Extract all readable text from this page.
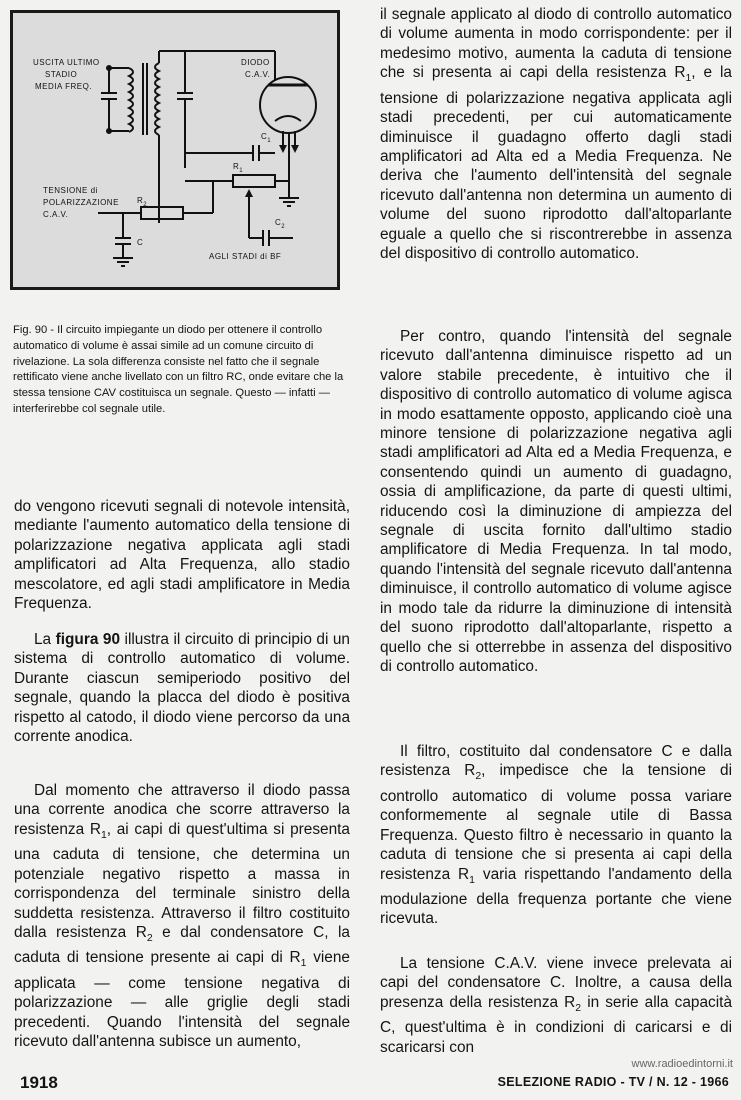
USCITA ULTIMO
STADIO
MEDIA FREQ.
DIODO
C.A.V.
TENSIONE di
POLARIZZAZIONE
C.A.V.
$C_1$
$R_1$
$R_2$
C
$C_2$
AGLI STADI di BF
Fig. 90 - Il circuito impiegante un diodo per ottenere il controllo automatico di volume è assai simile ad un comune circuito di rivelazione. La sola differenza consiste nel fatto che il segnale rettificato viene anche livellato con un filtro RC, onde evitare che la stessa tensione CAV costituisca un segnale. Questo — infatti — interferirebbe col segnale utile.

do vengono ricevuti segnali di notevole intensità, mediante l'aumento automatico della tensione di polarizzazione negativa applicata agli stadi amplificatori ad Alta Frequenza, allo stadio mescolatore, ed agli stadi amplificatore in Media Frequenza.

La figura 90 illustra il circuito di principio di un sistema di controllo automatico di volume. Durante ciascun semiperiodo positivo del segnale, quando la placca del diodo è positiva rispetto al catodo, il diodo viene percorso da una corrente anodica.

Dal momento che attraverso il diodo passa una corrente anodica che scorre attraverso la resistenza $R_1$, ai capi di quest'ultima si presenta una caduta di tensione, che determina un potenziale negativo rispetto a massa in corrispondenza del terminale sinistro della suddetta resistenza. Attraverso il filtro costituito dalla resistenza $R_2$ e dal condensatore C, la caduta di tensione presente ai capi di $R_1$ viene applicata — come tensione negativa di polarizzazione — alle griglie degli stadi precedenti. Quando l'intensità del segnale ricevuto dall'antenna subisce un aumento,

il segnale applicato al diodo di controllo automatico di volume aumenta in modo corrispondente: per il medesimo motivo, aumenta la caduta di tensione che si presenta ai capi della resistenza $R_1$, e la tensione di polarizzazione negativa applicata agli stadi precedenti, per cui automaticamente diminuisce il guadagno offerto dagli stadi amplificatori ad Alta ed a Media Frequenza. Ne deriva che l'aumento dell'intensità del segnale ricevuto dall'antenna non determina un aumento di volume del suono riprodotto dall'altoparlante eguale a quello che si riscontrerebbe in assenza del dispositivo di controllo automatico.

Per contro, quando l'intensità del segnale ricevuto dall'antenna diminuisce rispetto ad un valore stabile precedente, è intuitivo che il dispositivo di controllo automatico di volume agisca in modo esattamente opposto, applicando cioè una minore tensione di polarizzazione negativa agli stadi amplificatori ad Alta ed a Media Frequenza, e consentendo quindi un aumento di guadagno, ossia di amplificazione, da parte di questi ultimi, riducendo così la diminuzione di ampiezza del segnale di uscita fornito dall'ultimo stadio amplificatore di Media Frequenza. In tal modo, quando l'intensità del segnale ricevuto dall'antenna diminuisce, il controllo automatico di volume agisce in modo tale da ridurre la diminuzione di intensità del suono riprodotto dall'altoparlante, rispetto a quello che si otterrebbe in assenza del dispositivo di controllo automatico.

Il filtro, costituito dal condensatore C e dalla resistenza $R_2$, impedisce che la tensione di controllo automatico di volume possa variare conformemente al segnale utile di Bassa Frequenza. Questo filtro è necessario in quanto la caduta di tensione che si presenta ai capi della resistenza $R_1$ varia rispettando l'andamento della modulazione della frequenza portante che viene ricevuta.

La tensione C.A.V. viene invece prelevata ai capi del condensatore C. Inoltre, a causa della presenza della resistenza $R_2$ in serie alla capacità C, quest'ultima è in condizioni di caricarsi e di scaricarsi con

www.radioedintorni.it
1918	SELEZIONE RADIO - TV / N. 12 - 1966
